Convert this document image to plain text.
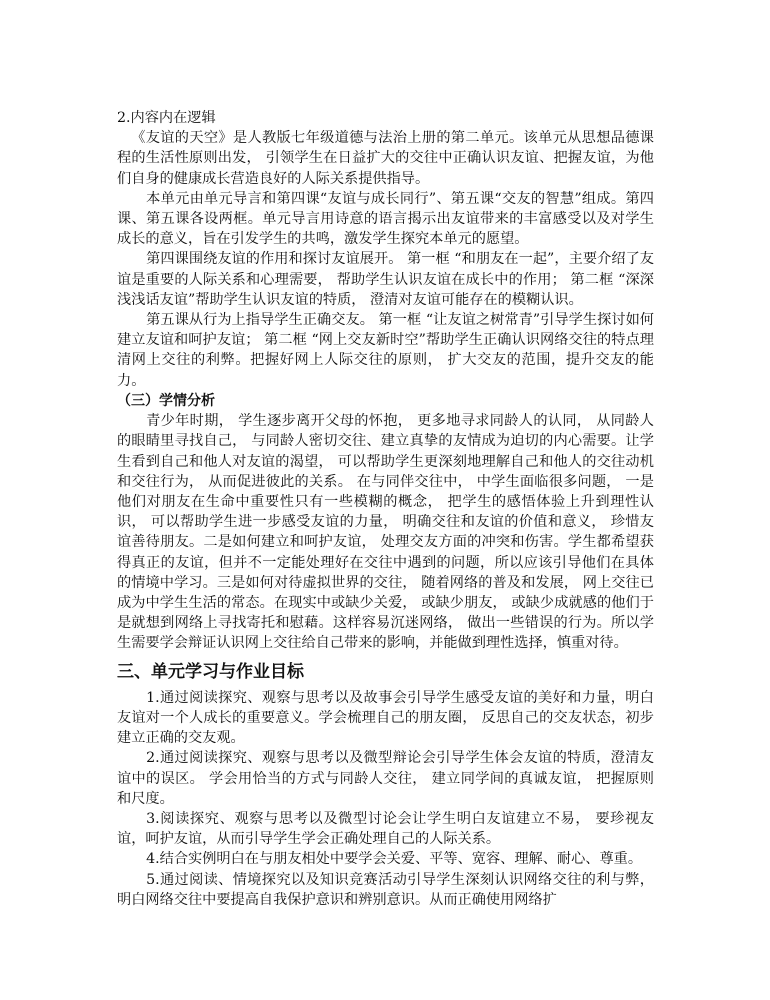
2.内容内在逻辑

《友谊的天空》是人教版七年级道德与法治上册的第二单元。该单元从思想品德课程的生活性原则出发， 引领学生在日益扩大的交往中正确认识友谊、把握友谊，为他们自身的健康成长营造良好的人际关系提供指导。

本单元由单元导言和第四课“友谊与成长同行”、第五课“交友的智慧”组成。第四课、第五课各设两框。单元导言用诗意的语言揭示出友谊带来的丰富感受以及对学生成长的意义，旨在引发学生的共鸣，激发学生探究本单元的愿望。

第四课围绕友谊的作用和探讨友谊展开。 第一框 “和朋友在一起”，主要介绍了友谊是重要的人际关系和心理需要， 帮助学生认识友谊在成长中的作用； 第二框 “深深浅浅话友谊”帮助学生认识友谊的特质， 澄清对友谊可能存在的模糊认识。

第五课从行为上指导学生正确交友。 第一框 “让友谊之树常青”引导学生探讨如何建立友谊和呵护友谊； 第二框 “网上交友新时空”帮助学生正确认识网络交往的特点理清网上交往的利弊。把握好网上人际交往的原则， 扩大交友的范围，提升交友的能力。

（三）学情分析

青少年时期， 学生逐步离开父母的怀抱， 更多地寻求同龄人的认同， 从同龄人的眼睛里寻找自己， 与同龄人密切交往、建立真挚的友情成为迫切的内心需要。让学生看到自己和他人对友谊的渴望， 可以帮助学生更深刻地理解自己和他人的交往动机和交往行为， 从而促进彼此的关系。 在与同伴交往中， 中学生面临很多问题， 一是他们对朋友在生命中重要性只有一些模糊的概念， 把学生的感悟体验上升到理性认识， 可以帮助学生进一步感受友谊的力量， 明确交往和友谊的价值和意义， 珍惜友谊善待朋友。二是如何建立和呵护友谊， 处理交友方面的冲突和伤害。学生都希望获得真正的友谊，但并不一定能处理好在交往中遇到的问题，所以应该引导他们在具体的情境中学习。三是如何对待虚拟世界的交往， 随着网络的普及和发展， 网上交往已成为中学生生活的常态。在现实中或缺少关爱， 或缺少朋友， 或缺少成就感的他们于是就想到网络上寻找寄托和慰藉。这样容易沉迷网络， 做出一些错误的行为。所以学生需要学会辩证认识网上交往给自己带来的影响，并能做到理性选择，慎重对待。

三、单元学习与作业目标

1.通过阅读探究、观察与思考以及故事会引导学生感受友谊的美好和力量，明白友谊对一个人成长的重要意义。学会梳理自己的朋友圈， 反思自己的交友状态，初步建立正确的交友观。

2.通过阅读探究、观察与思考以及微型辩论会引导学生体会友谊的特质，澄清友谊中的误区。 学会用恰当的方式与同龄人交往， 建立同学间的真诚友谊， 把握原则和尺度。

3.阅读探究、观察与思考以及微型讨论会让学生明白友谊建立不易， 要珍视友谊，呵护友谊，从而引导学生学会正确处理自己的人际关系。

4.结合实例明白在与朋友相处中要学会关爱、平等、宽容、理解、耐心、尊重。

5.通过阅读、情境探究以及知识竞赛活动引导学生深刻认识网络交往的利与弊， 明白网络交往中要提高自我保护意识和辨别意识。从而正确使用网络扩
